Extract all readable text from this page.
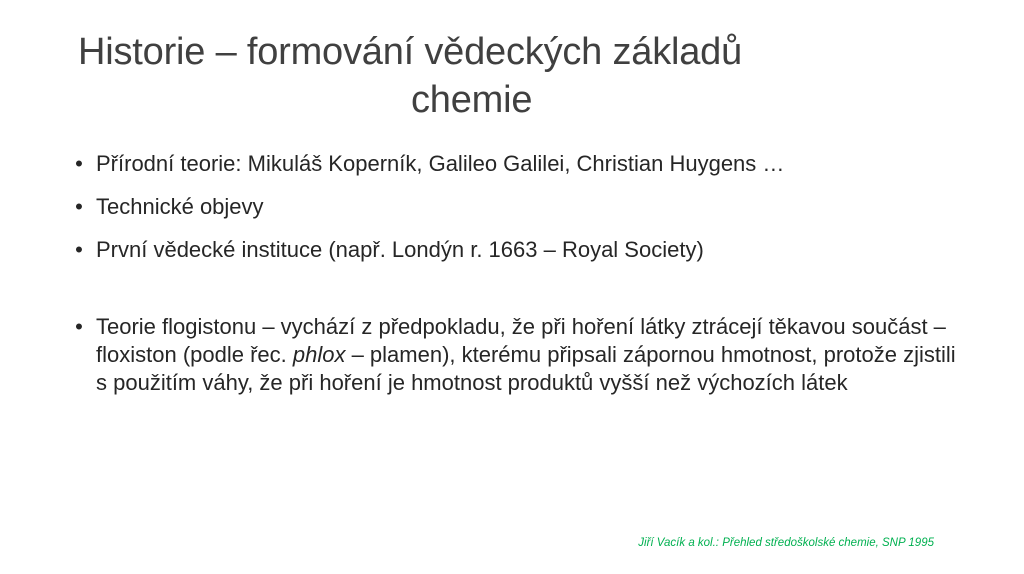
Historie – formování vědeckých základů
chemie
• Přírodní teorie: Mikuláš Koperník, Galileo Galilei, Christian Huygens …
• Technické objevy
• První vědecké instituce (např. Londýn r. 1663 – Royal Society)
• Teorie flogistonu – vychází z předpokladu, že při hoření látky ztrácejí těkavou součást – floxiston (podle řec. phlox – plamen), kterému připsali zápornou hmotnost, protože zjistili s použitím váhy, že při hoření je hmotnost produktů vyšší než výchozích látek
Jiří Vacík a kol.: Přehled středoškolské chemie, SNP 1995
